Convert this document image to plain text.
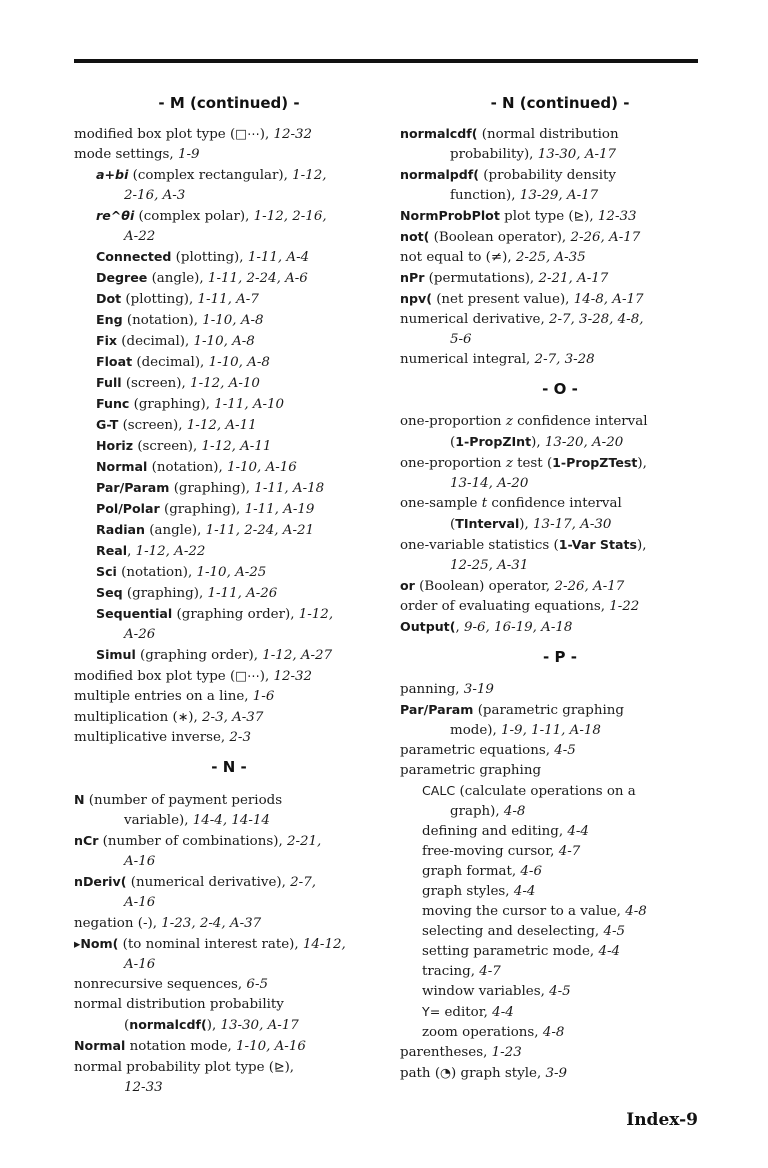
- M (continued) -

modified box plot type (□⋯), 12-32

mode settings, 1-9

a+bi (complex rectangular), 1-12,

2-16, A-3

re^θi (complex polar), 1-12, 2-16,

A-22

Connected (plotting), 1-11, A-4

Degree (angle), 1-11, 2-24, A-6

Dot (plotting), 1-11, A-7

Eng (notation), 1-10, A-8

Fix (decimal), 1-10, A-8

Float (decimal), 1-10, A-8

Full (screen), 1-12, A-10

Func (graphing), 1-11, A-10

G-T (screen), 1-12, A-11

Horiz (screen), 1-12, A-11

Normal (notation), 1-10, A-16

Par/Param (graphing), 1-11, A-18

Pol/Polar (graphing), 1-11, A-19

Radian (angle), 1-11, 2-24, A-21

Real, 1-12, A-22

Sci (notation), 1-10, A-25

Seq (graphing), 1-11, A-26

Sequential (graphing order), 1-12,

A-26

Simul (graphing order), 1-12, A-27

modified box plot type (□⋯), 12-32

multiple entries on a line, 1-6

multiplication (∗), 2-3, A-37

multiplicative inverse, 2-3

- N -

N (number of payment periods

variable), 14-4, 14-14

nCr (number of combinations), 2-21,

A-16

nDeriv( (numerical derivative), 2-7,

A-16

negation (‑), 1-23, 2-4, A-37

▸Nom( (to nominal interest rate), 14-12,

A-16

nonrecursive sequences, 6-5

normal distribution probability

(normalcdf(), 13-30, A-17

Normal notation mode, 1-10, A-16

normal probability plot type (⊵),

12-33

- N (continued) -

normalcdf( (normal distribution

probability), 13-30, A-17

normalpdf( (probability density

function), 13-29, A-17

NormProbPlot plot type (⊵), 12-33

not( (Boolean operator), 2-26, A-17

not equal to (≠), 2-25, A-35

nPr (permutations), 2-21, A-17

npv( (net present value), 14-8, A-17

numerical derivative, 2-7, 3-28, 4-8,

5-6

numerical integral, 2-7, 3-28

- O -

one-proportion z confidence interval

(1-PropZInt), 13-20, A-20

one-proportion z test (1-PropZTest),

13-14, A-20

one-sample t confidence interval

(TInterval), 13-17, A-30

one-variable statistics (1-Var Stats),

12-25, A-31

or (Boolean) operator, 2-26, A-17

order of evaluating equations, 1-22

Output(, 9-6, 16-19, A-18

- P -

panning, 3-19

Par/Param (parametric graphing

mode), 1-9, 1-11, A-18

parametric equations, 4-5

parametric graphing

CALC (calculate operations on a

graph), 4-8

defining and editing, 4-4

free-moving cursor, 4-7

graph format, 4-6

graph styles, 4-4

moving the cursor to a value, 4-8

selecting and deselecting, 4-5

setting parametric mode, 4-4

tracing, 4-7

window variables, 4-5

Y= editor, 4-4

zoom operations, 4-8

parentheses, 1-23

path (◔) graph style, 3-9

Index-9
